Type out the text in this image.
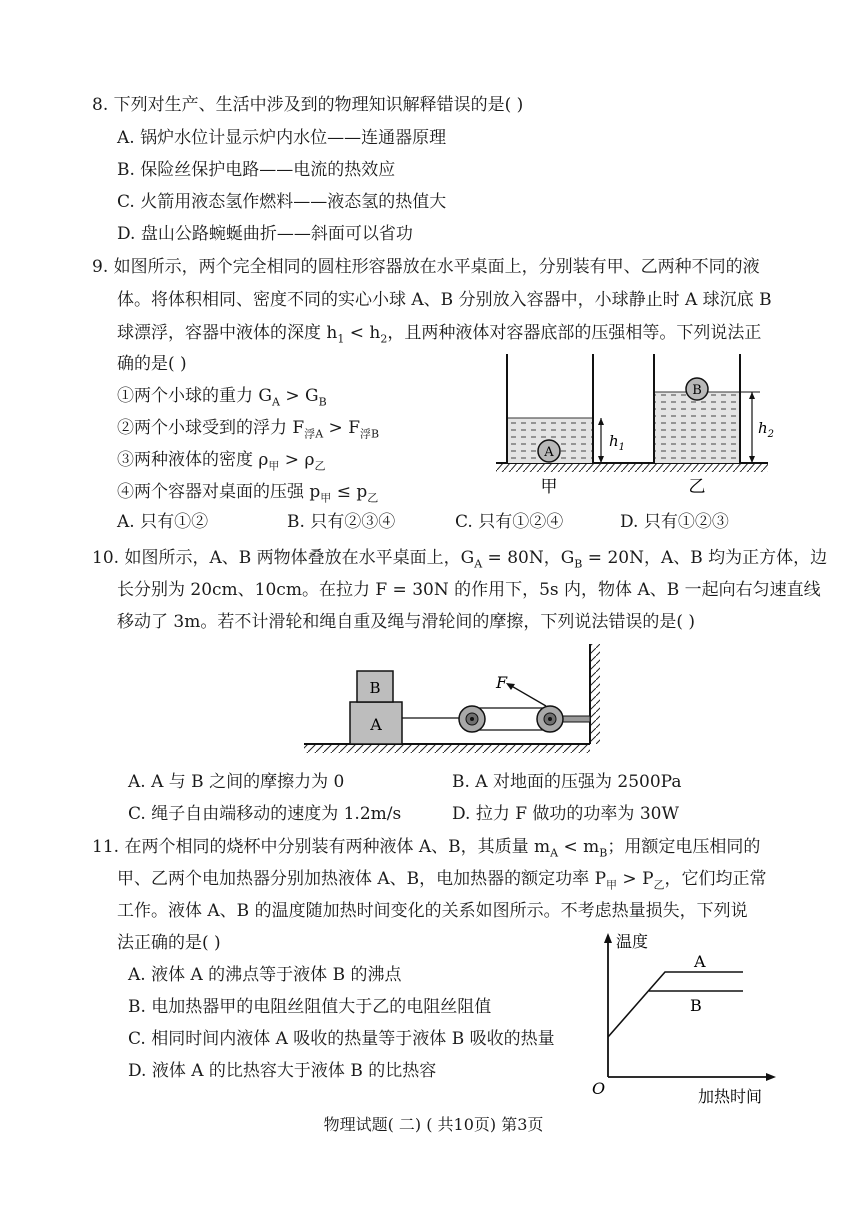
8. 下列对生产、生活中涉及到的物理知识解释错误的是( )
A. 锅炉水位计显示炉内水位——连通器原理
B. 保险丝保护电路——电流的热效应
C. 火箭用液态氢作燃料——液态氢的热值大
D. 盘山公路蜿蜒曲折——斜面可以省功
9. 如图所示，两个完全相同的圆柱形容器放在水平桌面上，分别装有甲、乙两种不同的液
体。将体积相同、密度不同的实心小球 A、B 分别放入容器中，小球静止时 A 球沉底 B
球漂浮，容器中液体的深度 $h_1 < h_2$，且两种液体对容器底部的压强相等。下列说法正
确的是( )
①两个小球的重力 $G_A > G_B$
②两个小球受到的浮力 $F_{浮A} > F_{浮B}$
③两种液体的密度 $\rho_甲 > \rho_乙$
④两个容器对桌面的压强 $p_甲 \le p_乙$
A. 只有①②	B. 只有②③④	C. 只有①②④	D. 只有①②③
A
$h_1$
B
$h_2$
甲	乙
10. 如图所示，A、B 两物体叠放在水平桌面上，$G_A = 80N$，$G_B = 20N$，A、B 均为正方体，边
长分别为 20cm、10cm。在拉力 F = 30N 的作用下，5s 内，物体 A、B 一起向右匀速直线
移动了 3m。若不计滑轮和绳自重及绳与滑轮间的摩擦，下列说法错误的是( )
A
B	F
A. A 与 B 之间的摩擦力为 0	B. A 对地面的压强为 2500Pa
C. 绳子自由端移动的速度为 1.2m/s	D. 拉力 F 做功的功率为 30W
11. 在两个相同的烧杯中分别装有两种液体 A、B，其质量 $m_A < m_B$；用额定电压相同的
甲、乙两个电加热器分别加热液体 A、B，电加热器的额定功率 $P_甲 > P_乙$，它们均正常
工作。液体 A、B 的温度随加热时间变化的关系如图所示。不考虑热量损失，下列说
法正确的是( )
A. 液体 A 的沸点等于液体 B 的沸点
B. 电加热器甲的电阻丝阻值大于乙的电阻丝阻值
C. 相同时间内液体 A 吸收的热量等于液体 B 吸收的热量
D. 液体 A 的比热容大于液体 B 的比热容
温度
加热时间
O
A
B
物理试题( 二) ( 共10页) 第3页
